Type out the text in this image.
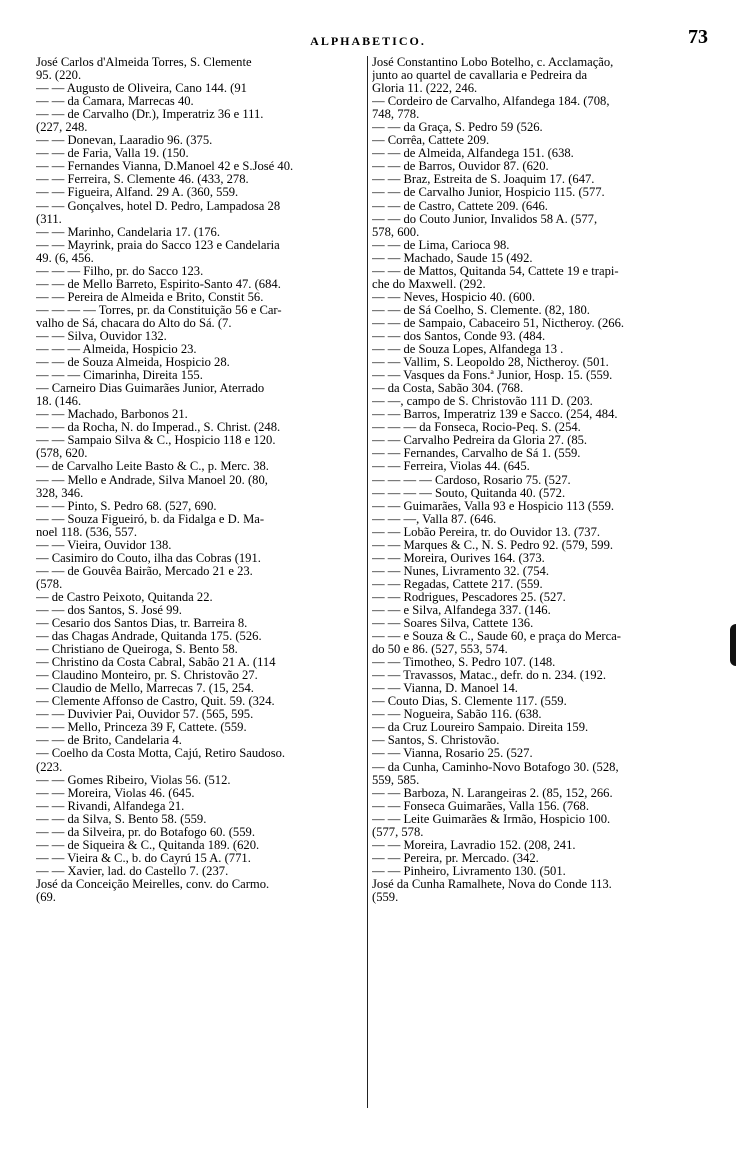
ALPHABETICO.	73
José Carlos d'Almeida Torres, S. Clemente
95. (220.
— — Augusto de Oliveira, Cano 144. (91
— — da Camara, Marrecas 40.
— — de Carvalho (Dr.), Imperatriz 36 e 111.
(227, 248.
— — Donevan, Laaradio 96. (375.
— — de Faria, Valla 19. (150.
— — Fernandes Vianna, D.Manoel 42 e S.José 40.
— — Ferreira, S. Clemente 46. (433, 278.
— — Figueira, Alfand. 29 A. (360, 559.
— — Gonçalves, hotel D. Pedro, Lampadosa 28
(311.
— — Marinho, Candelaria 17. (176.
— — Mayrink, praia do Sacco 123 e Candelaria
49. (6, 456.
— — — Filho, pr. do Sacco 123.
— — de Mello Barreto, Espirito-Santo 47. (684.
— — Pereira de Almeida e Brito, Constit 56.
— — — — Torres, pr. da Constituição 56 e Car-
valho de Sá, chacara do Alto do Sá. (7.
— — Silva, Ouvidor 132.
— — — Almeida, Hospicio 23.
— — de Souza Almeida, Hospicio 28.
— — — Cimarinha, Direita 155.
— Carneiro Dias Guimarães Junior, Aterrado
18. (146.
— — Machado, Barbonos 21.
— — da Rocha, N. do Imperad., S. Christ. (248.
— — Sampaio Silva & C., Hospicio 118 e 120.
(578, 620.
— de Carvalho Leite Basto & C., p. Merc. 38.
— — Mello e Andrade, Silva Manoel 20. (80,
328, 346.
— — Pinto, S. Pedro 68. (527, 690.
— — Souza Figueiró, b. da Fidalga e D. Ma-
noel 118. (536, 557.
— — Vieira, Ouvidor 138.
— Casimiro do Couto, ilha das Cobras (191.
— — de Gouvêa Bairão, Mercado 21 e 23.
(578.
— de Castro Peixoto, Quitanda 22.
— — dos Santos, S. José 99.
— Cesario dos Santos Dias, tr. Barreira 8.
— das Chagas Andrade, Quitanda 175. (526.
— Christiano de Queiroga, S. Bento 58.
— Christino da Costa Cabral, Sabão 21 A. (114
— Claudino Monteiro, pr. S. Christovão 27.
— Claudio de Mello, Marrecas 7. (15, 254.
— Clemente Affonso de Castro, Quit. 59. (324.
— — Duvivier Pai, Ouvidor 57. (565, 595.
— — Mello, Princeza 39 F, Cattete. (559.
— — de Brito, Candelaria 4.
— Coelho da Costa Motta, Cajú, Retiro Saudoso.
(223.
— — Gomes Ribeiro, Violas 56. (512.
— — Moreira, Violas 46. (645.
— — Rivandi, Alfandega 21.
— — da Silva, S. Bento 58. (559.
— — da Silveira, pr. do Botafogo 60. (559.
— — de Siqueira & C., Quitanda 189. (620.
— — Vieira & C., b. do Cayrú 15 A. (771.
— — Xavier, lad. do Castello 7. (237.
José da Conceição Meirelles, conv. do Carmo.
(69.
José Constantino Lobo Botelho, c. Acclamação,
junto ao quartel de cavallaria e Pedreira da
Gloria 11. (222, 246.
— Cordeiro de Carvalho, Alfandega 184. (708,
748, 778.
— — da Graça, S. Pedro 59 (526.
— Corrêa, Cattete 209.
— — de Almeida, Alfandega 151. (638.
— — de Barros, Ouvidor 87. (620.
— — Braz, Estreita de S. Joaquim 17. (647.
— — de Carvalho Junior, Hospicio 115. (577.
— — de Castro, Cattete 209. (646.
— — do Couto Junior, Invalidos 58 A. (577,
578, 600.
— — de Lima, Carioca 98.
— — Machado, Saude 15 (492.
— — de Mattos, Quitanda 54, Cattete 19 e trapi-
che do Maxwell. (292.
— — Neves, Hospicio 40. (600.
— — de Sá Coelho, S. Clemente. (82, 180.
— — de Sampaio, Cabaceiro 51, Nictheroy. (266.
— — dos Santos, Conde 93. (484.
— — de Souza Lopes, Alfandega 13 .
— — Vallim, S. Leopoldo 28, Nictheroy. (501.
— — Vasques da Fons.ª Junior, Hosp. 15. (559.
— da Costa, Sabão 304. (768.
— —, campo de S. Christovão 111 D. (203.
— — Barros, Imperatriz 139 e Sacco. (254, 484.
— — — da Fonseca, Rocio-Peq. S. (254.
— — Carvalho Pedreira da Gloria 27. (85.
— — Fernandes, Carvalho de Sá 1. (559.
— — Ferreira, Violas 44. (645.
— — — — Cardoso, Rosario 75. (527.
— — — — Souto, Quitanda 40. (572.
— — Guimarães, Valla 93 e Hospicio 113 (559.
— — —, Valla 87. (646.
— — Lobão Pereira, tr. do Ouvidor 13. (737.
— — Marques & C., N. S. Pedro 92. (579, 599.
— — Moreira, Ourives 164. (373.
— — Nunes, Livramento 32. (754.
— — Regadas, Cattete 217. (559.
— — Rodrigues, Pescadores 25. (527.
— — e Silva, Alfandega 337. (146.
— — Soares Silva, Cattete 136.
— — e Souza & C., Saude 60, e praça do Merca-
do 50 e 86. (527, 553, 574.
— — Timotheo, S. Pedro 107. (148.
— — Travassos, Matac., defr. do n. 234. (192.
— — Vianna, D. Manoel 14.
— Couto Dias, S. Clemente 117. (559.
— — Nogueira, Sabão 116. (638.
— da Cruz Loureiro Sampaio. Direita 159.
— Santos, S. Christovão.
— — Vianna, Rosario 25. (527.
— da Cunha, Caminho-Novo Botafogo 30. (528,
559, 585.
— — Barboza, N. Larangeiras 2. (85, 152, 266.
— — Fonseca Guimarães, Valla 156. (768.
— — Leite Guimarães & Irmão, Hospicio 100.
(577, 578.
— — Moreira, Lavradio 152. (208, 241.
— — Pereira, pr. Mercado. (342.
— — Pinheiro, Livramento 130. (501.
José da Cunha Ramalhete, Nova do Conde 113.
(559.
